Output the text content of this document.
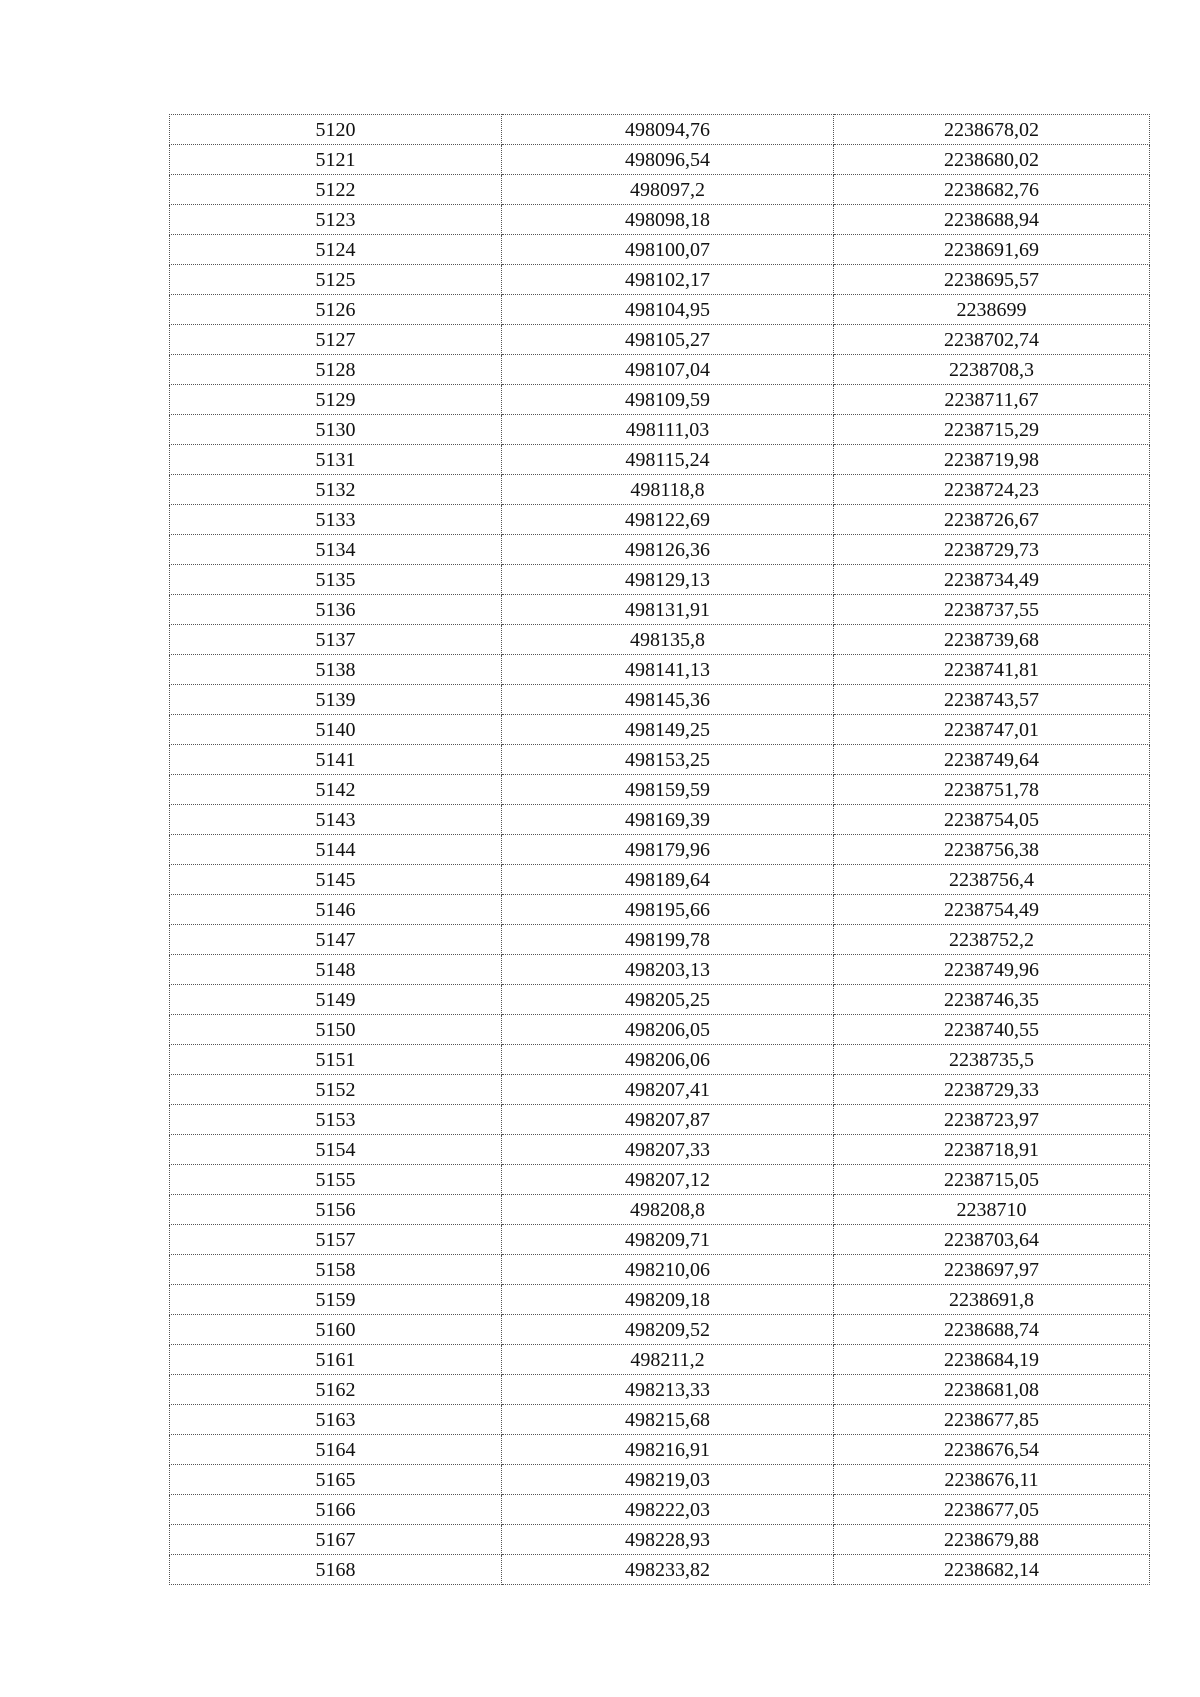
5120	498094,76	2238678,02
5121	498096,54	2238680,02
5122	498097,2	2238682,76
5123	498098,18	2238688,94
5124	498100,07	2238691,69
5125	498102,17	2238695,57
5126	498104,95	2238699
5127	498105,27	2238702,74
5128	498107,04	2238708,3
5129	498109,59	2238711,67
5130	498111,03	2238715,29
5131	498115,24	2238719,98
5132	498118,8	2238724,23
5133	498122,69	2238726,67
5134	498126,36	2238729,73
5135	498129,13	2238734,49
5136	498131,91	2238737,55
5137	498135,8	2238739,68
5138	498141,13	2238741,81
5139	498145,36	2238743,57
5140	498149,25	2238747,01
5141	498153,25	2238749,64
5142	498159,59	2238751,78
5143	498169,39	2238754,05
5144	498179,96	2238756,38
5145	498189,64	2238756,4
5146	498195,66	2238754,49
5147	498199,78	2238752,2
5148	498203,13	2238749,96
5149	498205,25	2238746,35
5150	498206,05	2238740,55
5151	498206,06	2238735,5
5152	498207,41	2238729,33
5153	498207,87	2238723,97
5154	498207,33	2238718,91
5155	498207,12	2238715,05
5156	498208,8	2238710
5157	498209,71	2238703,64
5158	498210,06	2238697,97
5159	498209,18	2238691,8
5160	498209,52	2238688,74
5161	498211,2	2238684,19
5162	498213,33	2238681,08
5163	498215,68	2238677,85
5164	498216,91	2238676,54
5165	498219,03	2238676,11
5166	498222,03	2238677,05
5167	498228,93	2238679,88
5168	498233,82	2238682,14
